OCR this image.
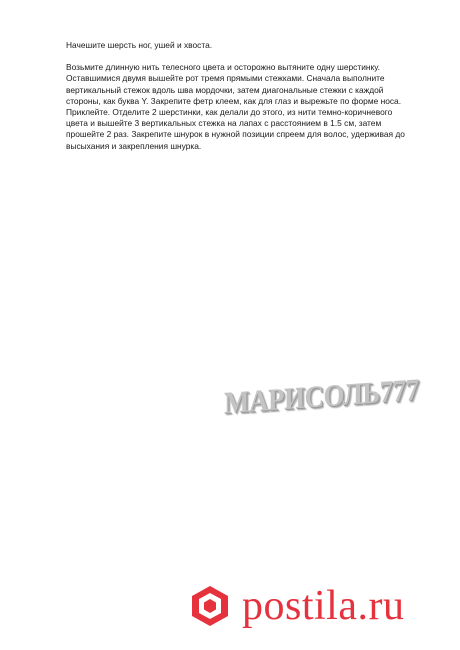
Начешите шерсть ног, ушей и хвоста.

Возьмите длинную нить телесного цвета и осторожно вытяните одну шерстинку. Оставшимися двумя вышейте рот тремя прямыми стежками. Сначала выполните вертикальный стежок вдоль шва мордочки, затем диагональные стежки с каждой стороны, как буква Y. Закрепите фетр клеем, как для глаз и вырежьте по форме носа. Приклейте. Отделите 2 шерстинки, как делали до этого, из нити темно-коричневого цвета и вышейте 3 вертикальных стежка на лапах с расстоянием в 1.5 см, затем прошейте 2 раз. Закрепите шнурок в нужной позиции спреем для волос, удерживая до высыхания и закрепления шнурка.

МАРИСОЛЬ777
postila.ru
